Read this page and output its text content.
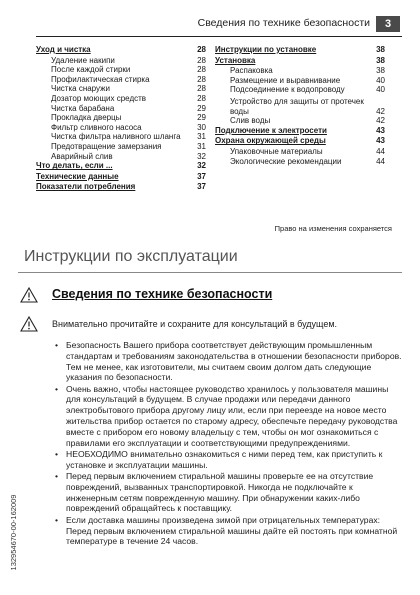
Сведения по технике безопасности	3
Уход и чистка	28
Удаление накипи	28
После каждой стирки	28
Профилактическая стирка	28
Чистка снаружи	28
Дозатор моющих средств	28
Чистка барабана	29
Прокладка дверцы	29
Фильтр сливного насоса	30
Чистка фильтра наливного шланга	31
Предотвращение замерзания	31
Аварийный слив	32
Что делать, если ...	32
Технические данные	37
Показатели потребления	37
Инструкции по установке	38
Установка	38
Распаковка	38
Размещение и выравнивание	40
Подсоединение к водопроводу	40
Устройство для защиты от протечек воды	42
Слив воды	42
Подключение к электросети	43
Охрана окружающей среды	43
Упаковочные материалы	44
Экологические рекомендации	44
Право на изменения сохраняется
Инструкции по эксплуатации
Сведения по технике безопасности

Внимательно прочитайте и сохраните для консультаций в будущем.

• Безопасность Вашего прибора соответствует действующим промышленным стандартам и требованиям законодательства в отношении безопасности приборов. Тем не менее, как изготовители, мы считаем своим долгом дать следующие указания по безопасности.
• Очень важно, чтобы настоящее руководство хранилось у пользователя машины для консультаций в будущем. В случае продажи или передачи данного электробытового прибора другому лицу или, если при переезде на новое место жительства прибор остается по старому адресу, обеспечьте передачу руководства вместе с прибором его новому владельцу с тем, чтобы он мог ознакомиться с правилами его эксплуатации и соответствующими предупреждениями.
• НЕОБХОДИМО внимательно ознакомиться с ними перед тем, как приступить к установке и эксплуатации машины.
• Перед первым включением стиральной машины проверьте ее на отсутствие повреждений, вызванных транспортировкой. Никогда не подключайте к инженерным сетям поврежденную машину. При обнаружении каких-либо повреждений обращайтесь к поставщику.
• Если доставка машины произведена зимой при отрицательных температурах: Перед первым включением стиральной машины дайте ей постоять при комнатной температуре в течение 24 часов.
132954670-00-162009
